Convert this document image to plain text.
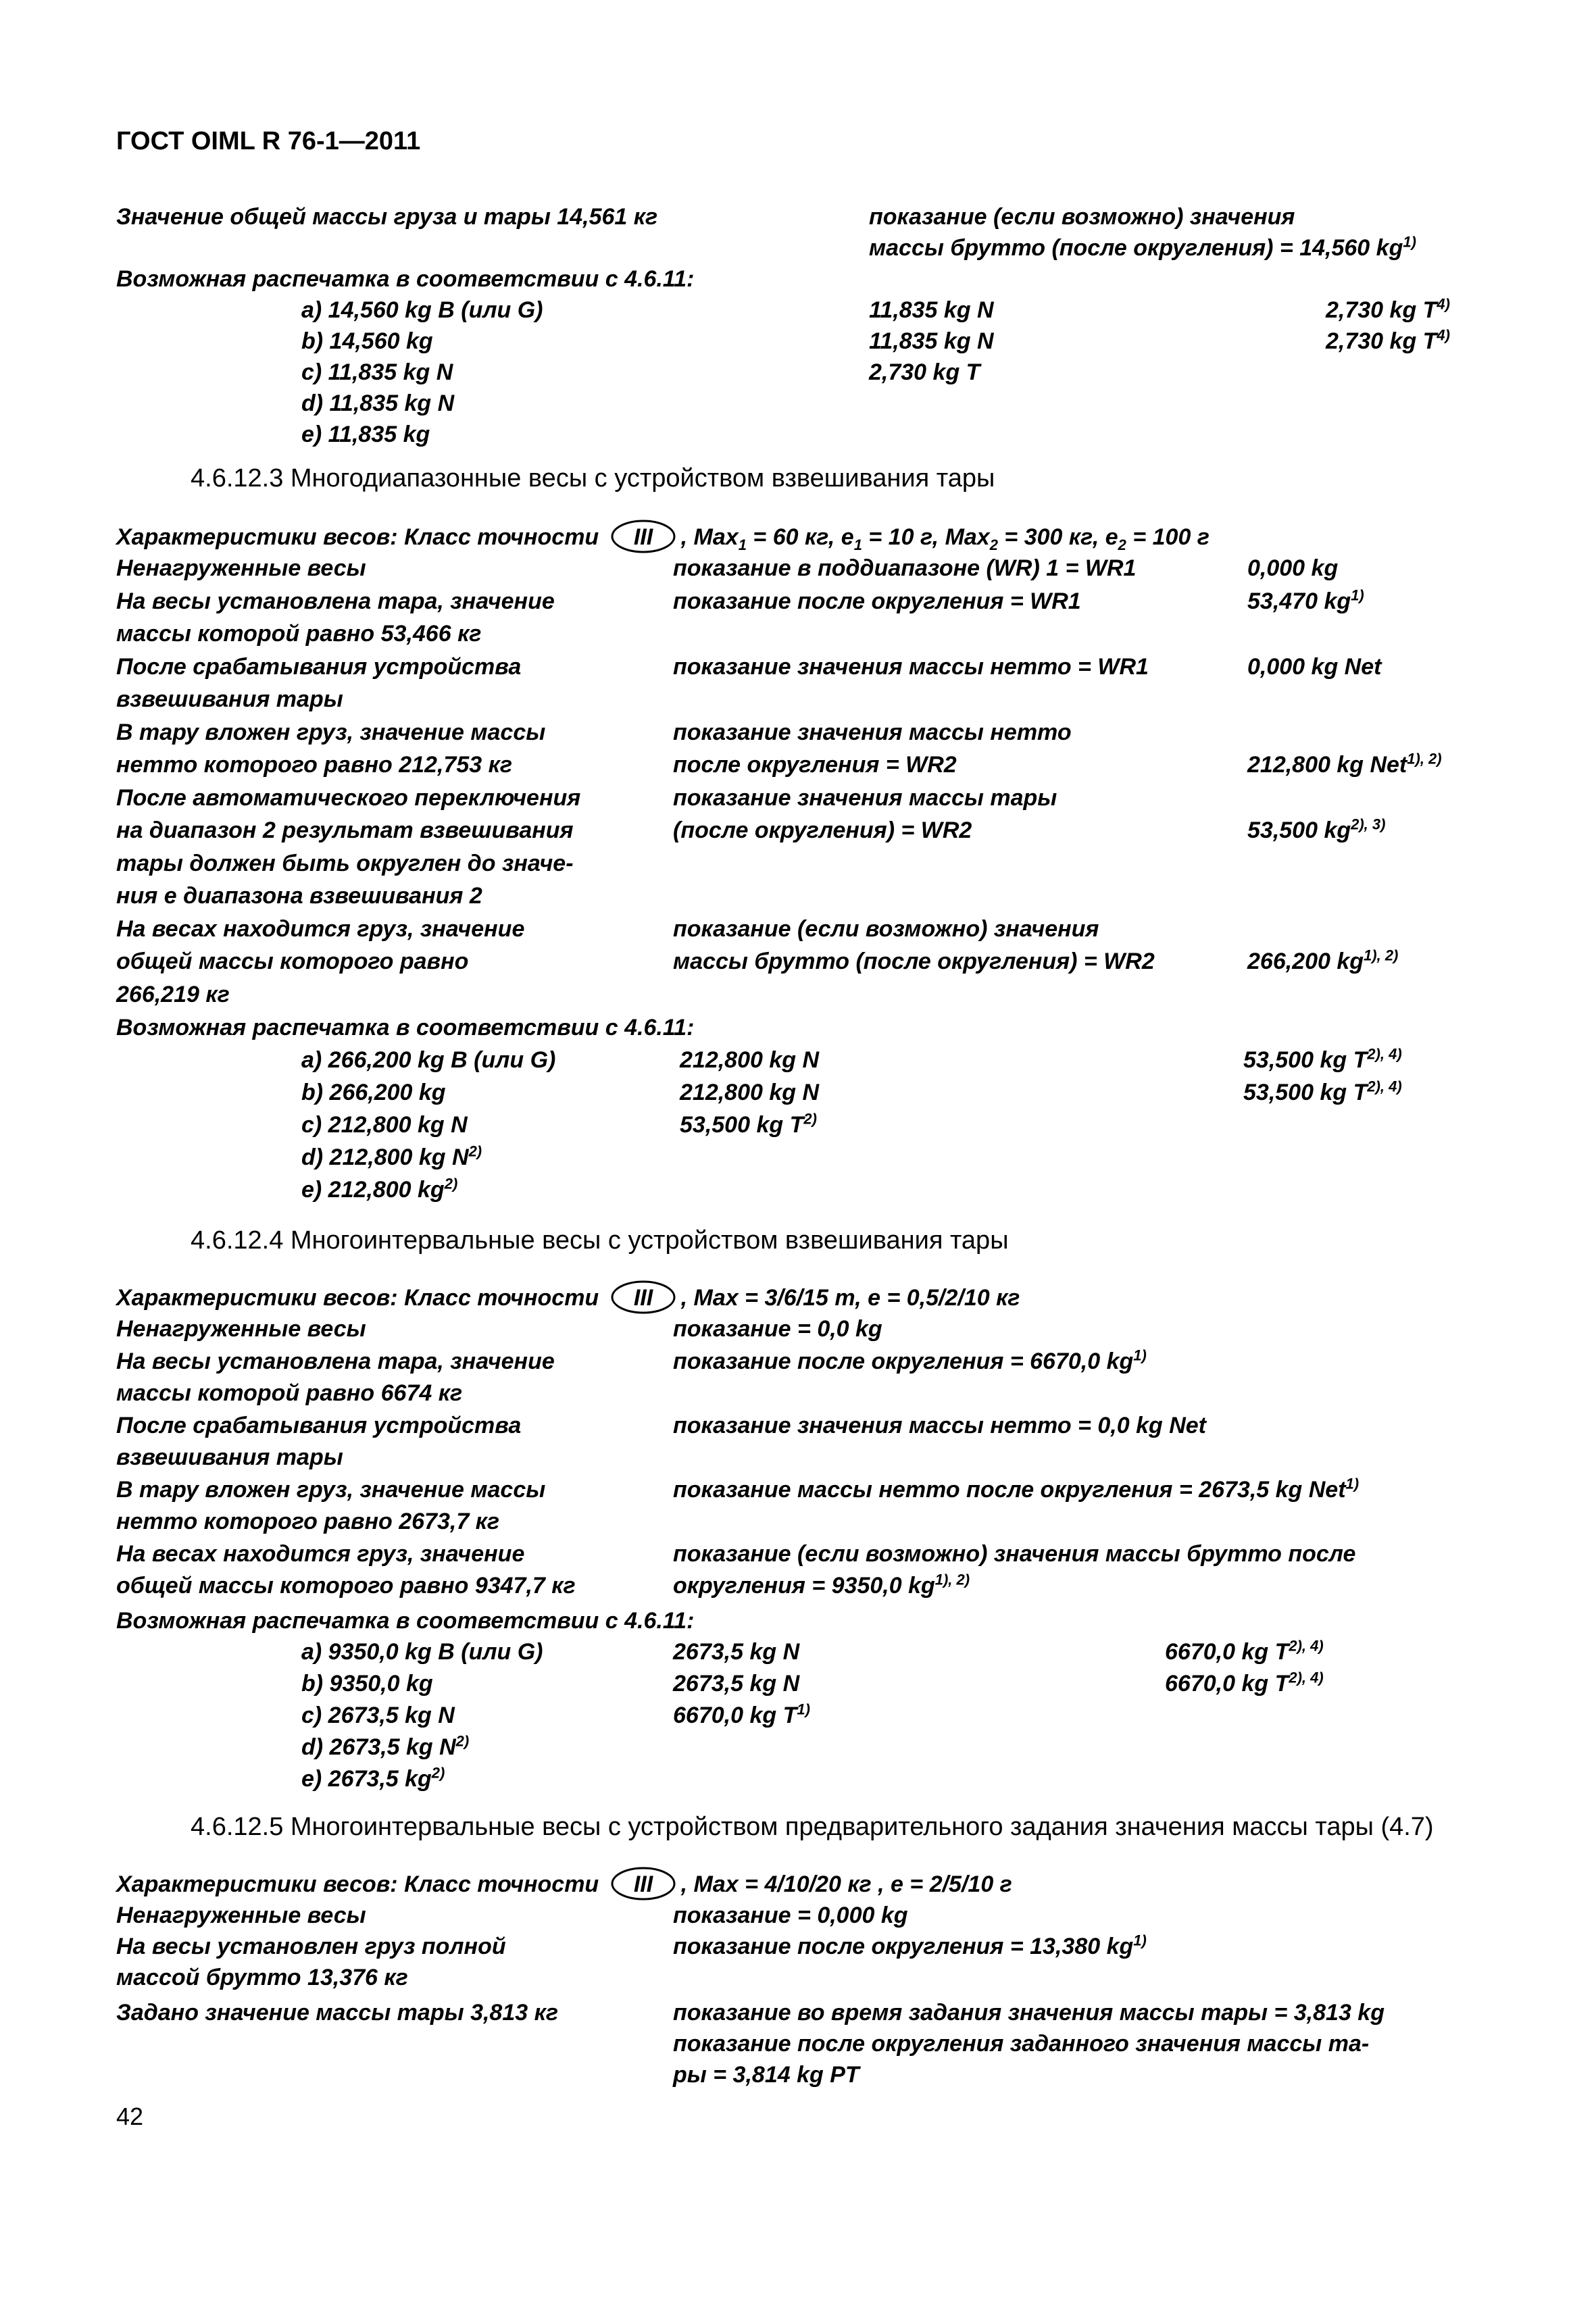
ГОСТ OIML R 76-1—2011
Значение общей массы груза и тары 14,561 кг	показание (если возможно) значения
массы брутто (после округления) = 14,560 $kg^{1)}$
Возможная распечатка в соответствии с 4.6.11:
a) 14,560 kg B (или G)	11,835 kg N	2,730 kg $T^{4)}$
b) 14,560 kg	11,835 kg N	2,730 kg $T^{4)}$
c) 11,835 kg N	2,730 kg T
d) 11,835 kg N
e) 11,835 kg
4.6.12.3 Многодиапазонные весы с устройством взвешивания тары
Характеристики весов: Класс точности III , Max$_1$ = 60 кг, $e_1 = 10$ г, Max$_2$ = 300 кг, $e_2 = 100$ г
Ненагруженные весы	показание в поддиапазоне (WR) 1 = WR1	0,000 kg
На весы установлена тара, значение	показание после округления = WR1	53,470 $kg^{1)}$
массы которой равно 53,466 кг
После срабатывания устройства	показание значения массы нетто = WR1	0,000 kg Net
взвешивания тары
В тару вложен груз, значение массы	показание значения массы нетто
нетто которого равно 212,753 кг	после округления = WR2	212,800 kg Net$^{1), 2)}$
После автоматического переключения	показание значения массы тары
на диапазон 2 результат взвешивания	(после округления) = WR2	53,500 $kg^{2), 3)}$
тары должен быть округлен до значе-
ния e диапазона взвешивания 2
На весах находится груз, значение	показание (если возможно) значения
общей массы которого равно	массы брутто (после округления) = WR2	266,200 $kg^{1), 2)}$
266,219 кг
Возможная распечатка в соответствии с 4.6.11:
a) 266,200 kg B (или G)	212,800 kg N	53,500 kg $T^{2), 4)}$
b) 266,200 kg	212,800 kg N	53,500 kg $T^{2), 4)}$
c) 212,800 kg N	53,500 kg $T^{2)}$
d) 212,800 kg $N^{2)}$
e) 212,800 $kg^{2)}$
4.6.12.4 Многоинтервальные весы с устройством взвешивания тары
Характеристики весов: Класс точности III , Max = 3/6/15 т, e = 0,5/2/10 кг
Ненагруженные весы	показание = 0,0 kg
На весы установлена тара, значение	показание после округления = 6670,0 $kg^{1)}$
массы которой равно 6674 кг
После срабатывания устройства	показание значения массы нетто = 0,0 kg Net
взвешивания тары
В тару вложен груз, значение массы	показание массы нетто после округления = 2673,5 kg Net$^{1)}$
нетто которого равно 2673,7 кг
На весах находится груз, значение	показание (если возможно) значения массы брутто после
общей массы которого равно 9347,7 кг	округления = 9350,0 $kg^{1), 2)}$
Возможная распечатка в соответствии с 4.6.11:
a) 9350,0 kg B (или G)	2673,5 kg N	6670,0 kg $T^{2), 4)}$
b) 9350,0 kg	2673,5 kg N	6670,0 kg $T^{2), 4)}$
c) 2673,5 kg N	6670,0 kg $T^{1)}$
d) 2673,5 kg $N^{2)}$
e) 2673,5 $kg^{2)}$
4.6.12.5 Многоинтервальные весы с устройством предварительного задания значения массы тары (4.7)
Характеристики весов: Класс точности III , Max = 4/10/20 кг , e = 2/5/10 г
Ненагруженные весы	показание = 0,000 kg
На весы установлен груз полной	показание после округления = 13,380 $kg^{1)}$
массой брутто 13,376 кг
Задано значение массы тары 3,813 кг	показание во время задания значения массы тары = 3,813 kg
показание после округления заданного значения массы та-
ры = 3,814 kg PT
42
